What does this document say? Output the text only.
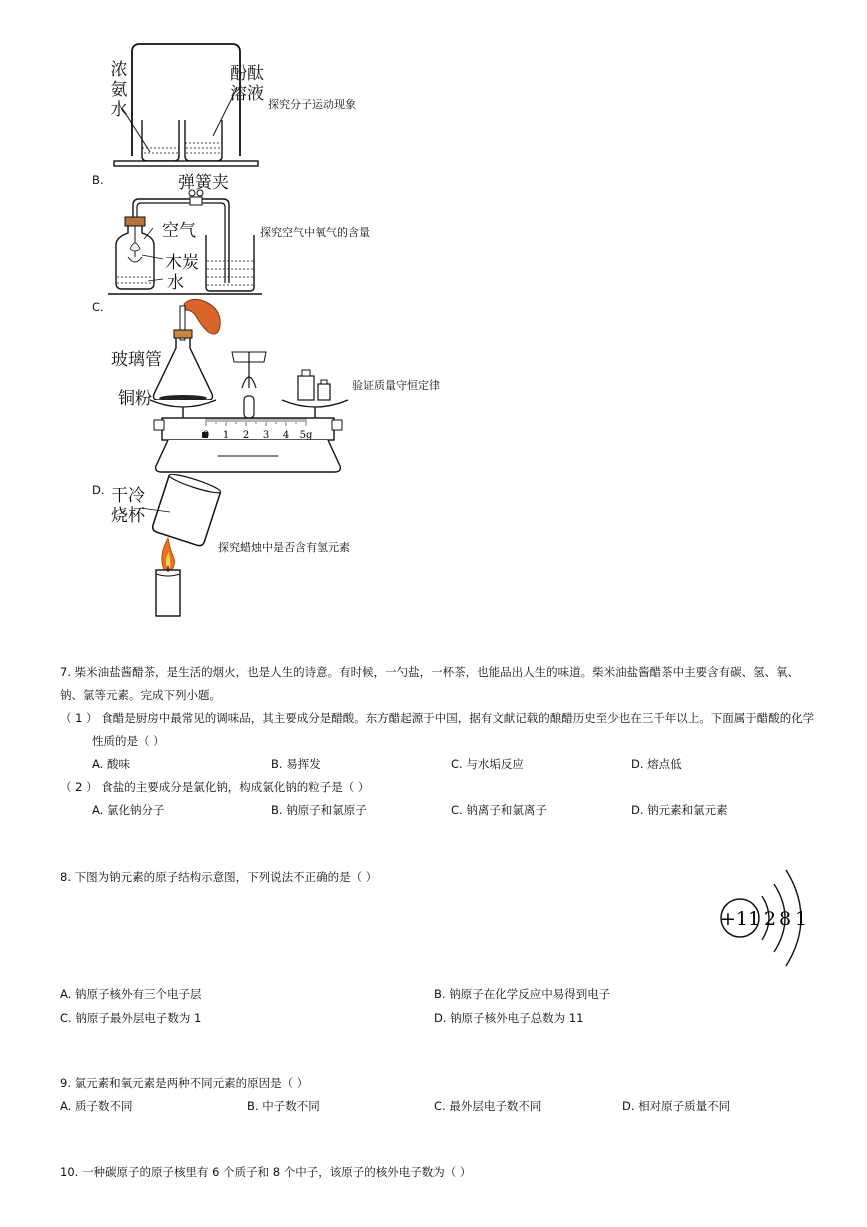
浓
氨
水
酚酞
溶液
探究分子运动现象
B.	弹簧夹
空气
木炭
水
探究空气中氧气的含量
C.
玻璃管
铜粉
0 1 2 3 4 5g
验证质量守恒定律
D. 干冷
烧杯
探究蜡烛中是否含有氢元素
7. 柴米油盐酱醋茶，是生活的烟火，也是人生的诗意。有时候，一勺盐，一杯茶，也能品出人生的味道。柴米油盐酱醋茶中主要含有碳、氢、氧、
钠、氯等元素。完成下列小题。
（ 1 ） 食醋是厨房中最常见的调味品，其主要成分是醋酸。东方醋起源于中国，据有文献记载的酿醋历史至少也在三千年以上。下面属于醋酸的化学
性质的是（ ）
A. 酸味	B. 易挥发	C. 与水垢反应	D. 熔点低
（ 2 ） 食盐的主要成分是氯化钠，构成氯化钠的粒子是（ ）
A. 氯化钠分子	B. 钠原子和氯原子	C. 钠离子和氯离子	D. 钠元素和氯元素
8. 下图为钠元素的原子结构示意图，下列说法不正确的是（ ）
+11 2 8 1
A. 钠原子核外有三个电子层	B. 钠原子在化学反应中易得到电子
C. 钠原子最外层电子数为 1	D. 钠原子核外电子总数为 11
9. 氯元素和氧元素是两种不同元素的原因是（ ）
A. 质子数不同	B. 中子数不同	C. 最外层电子数不同	D. 相对原子质量不同
10. 一种碳原子的原子核里有 6 个质子和 8 个中子，该原子的核外电子数为（ ）
